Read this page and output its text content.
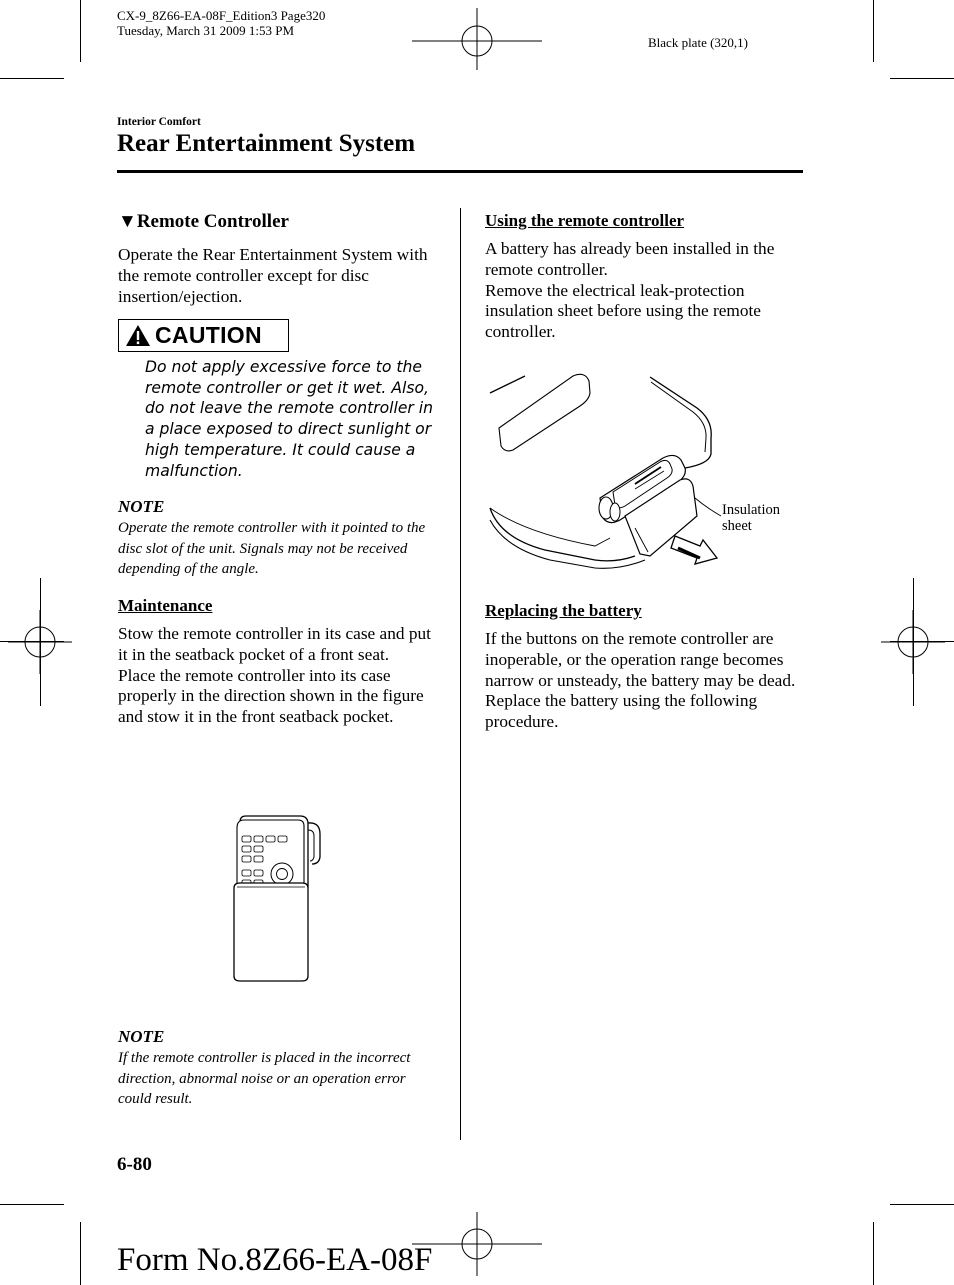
CX-9_8Z66-EA-08F_Edition3 Page320
Tuesday, March 31 2009 1:53 PM
Black plate (320,1)
Interior Comfort
Rear Entertainment System
▼Remote Controller
Operate the Rear Entertainment System with the remote controller except for disc insertion/ejection.
CAUTION
Do not apply excessive force to the remote controller or get it wet. Also, do not leave the remote controller in a place exposed to direct sunlight or high temperature. It could cause a malfunction.
NOTE
Operate the remote controller with it pointed to the disc slot of the unit. Signals may not be received depending of the angle.
Maintenance
Stow the remote controller in its case and put it in the seatback pocket of a front seat.
Place the remote controller into its case properly in the direction shown in the figure and stow it in the front seatback pocket.
NOTE
If the remote controller is placed in the incorrect direction, abnormal noise or an operation error could result.
Using the remote controller
A battery has already been installed in the remote controller.
Remove the electrical leak-protection insulation sheet before using the remote controller.
Insulation
sheet
Replacing the battery
If the buttons on the remote controller are inoperable, or the operation range becomes narrow or unsteady, the battery may be dead.
Replace the battery using the following procedure.
6-80
Form No.8Z66-EA-08F
